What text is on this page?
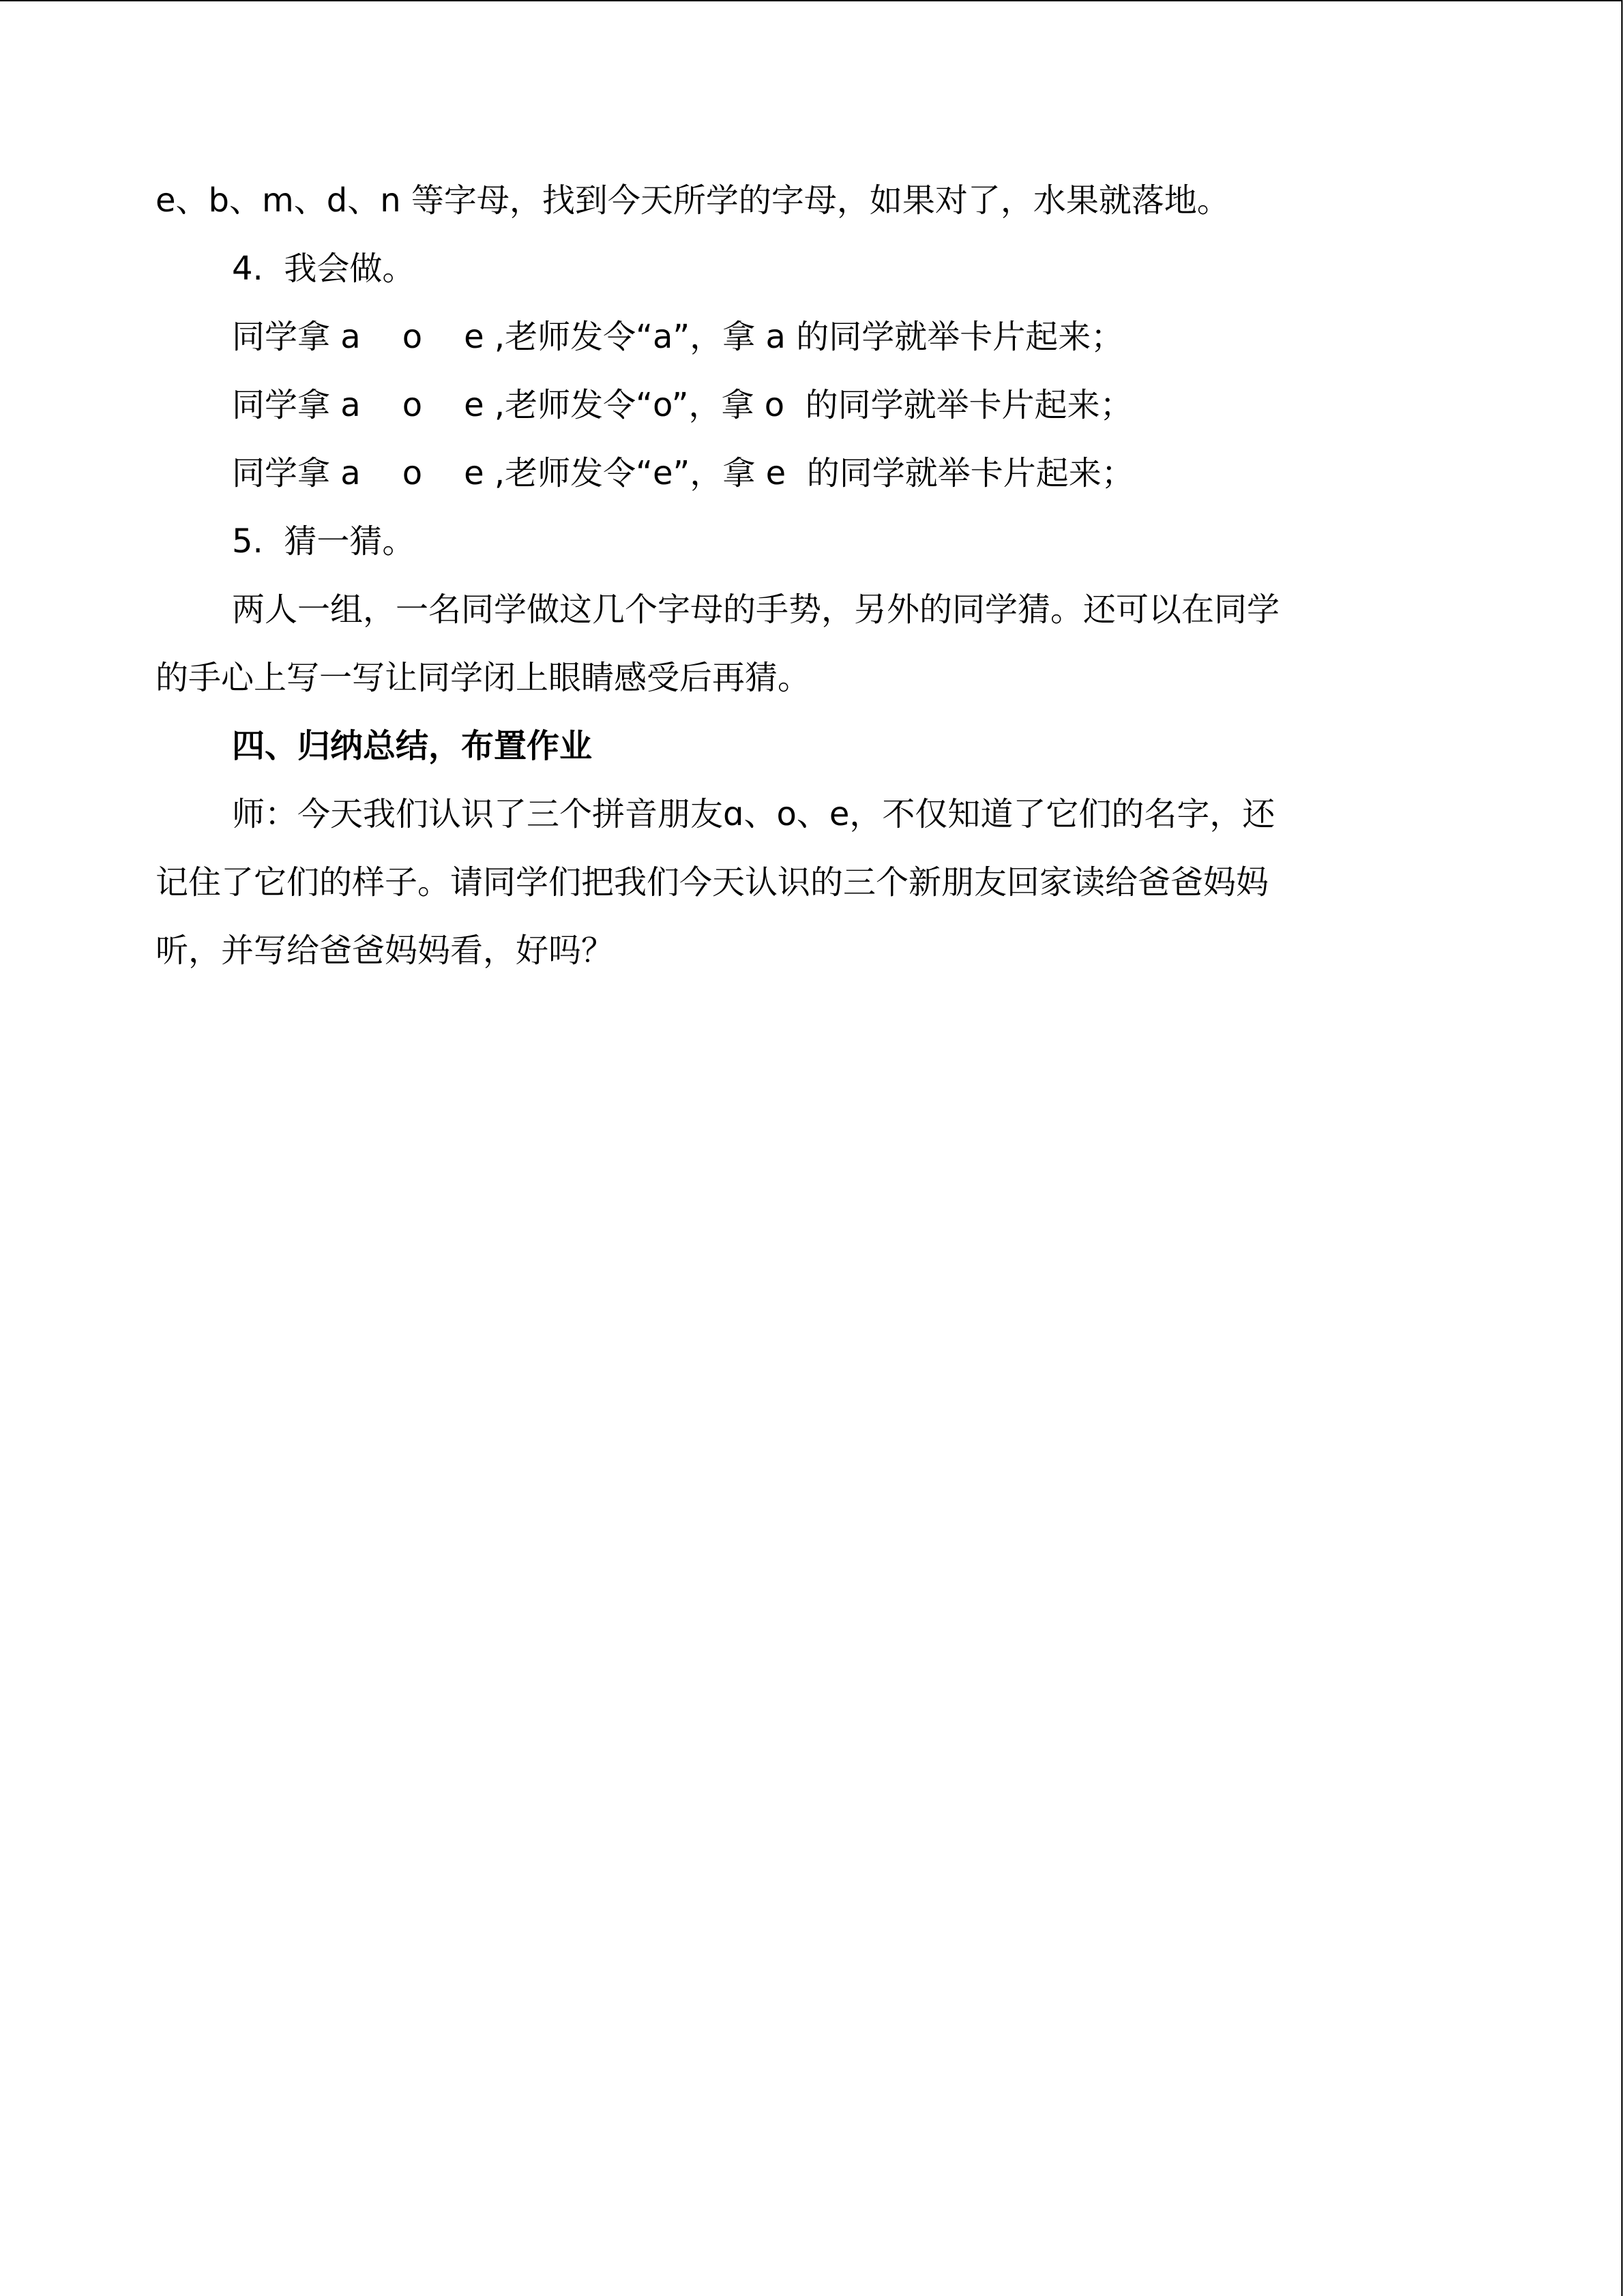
e、b、m、d、n 等字母，找到今天所学的字母，如果对了，水果就落地。
4.  我会做。
同学拿 a    o    e ,老师发令“a”，拿 a 的同学就举卡片起来；
同学拿 a    o    e ,老师发令“o”，拿 o  的同学就举卡片起来；
同学拿 a    o    e ,老师发令“e”，拿 e  的同学就举卡片起来；
5.  猜一猜。
两人一组，一名同学做这几个字母的手势，另外的同学猜。还可以在同学
的手心上写一写让同学闭上眼睛感受后再猜。
四、归纳总结，布置作业
师：今天我们认识了三个拼音朋友ɑ、o、e，不仅知道了它们的名字，还
记住了它们的样子。请同学们把我们今天认识的三个新朋友回家读给爸爸妈妈
听，并写给爸爸妈妈看，好吗？
